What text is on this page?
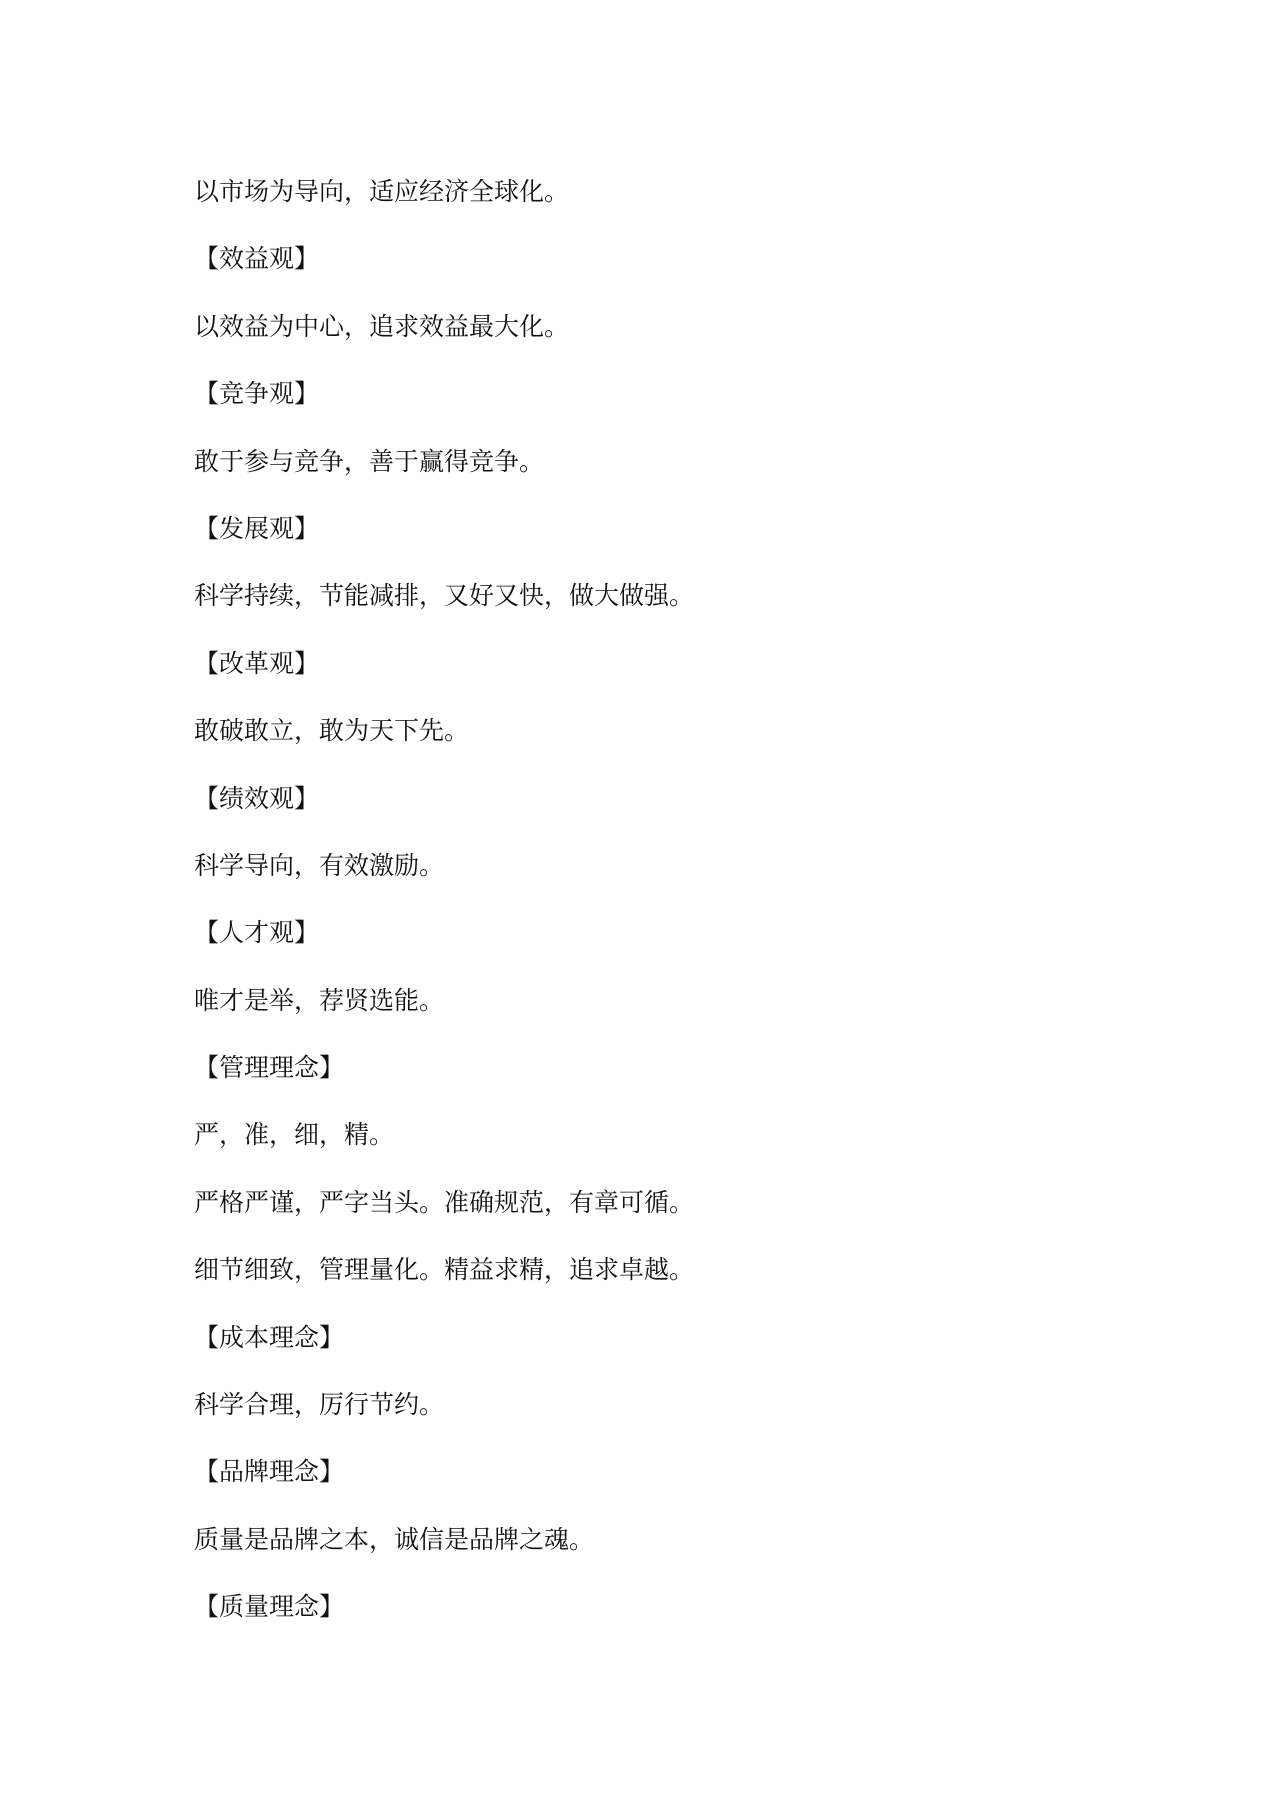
以市场为导向，适应经济全球化。
【效益观】
以效益为中心，追求效益最大化。
【竞争观】
敢于参与竞争，善于赢得竞争。
【发展观】
科学持续，节能减排，又好又快，做大做强。
【改革观】
敢破敢立，敢为天下先。
【绩效观】
科学导向，有效激励。
【人才观】
唯才是举，荐贤选能。
【管理理念】
严，准，细，精。
严格严谨，严字当头。准确规范，有章可循。
细节细致，管理量化。精益求精，追求卓越。
【成本理念】
科学合理，厉行节约。
【品牌理念】
质量是品牌之本，诚信是品牌之魂。
【质量理念】
